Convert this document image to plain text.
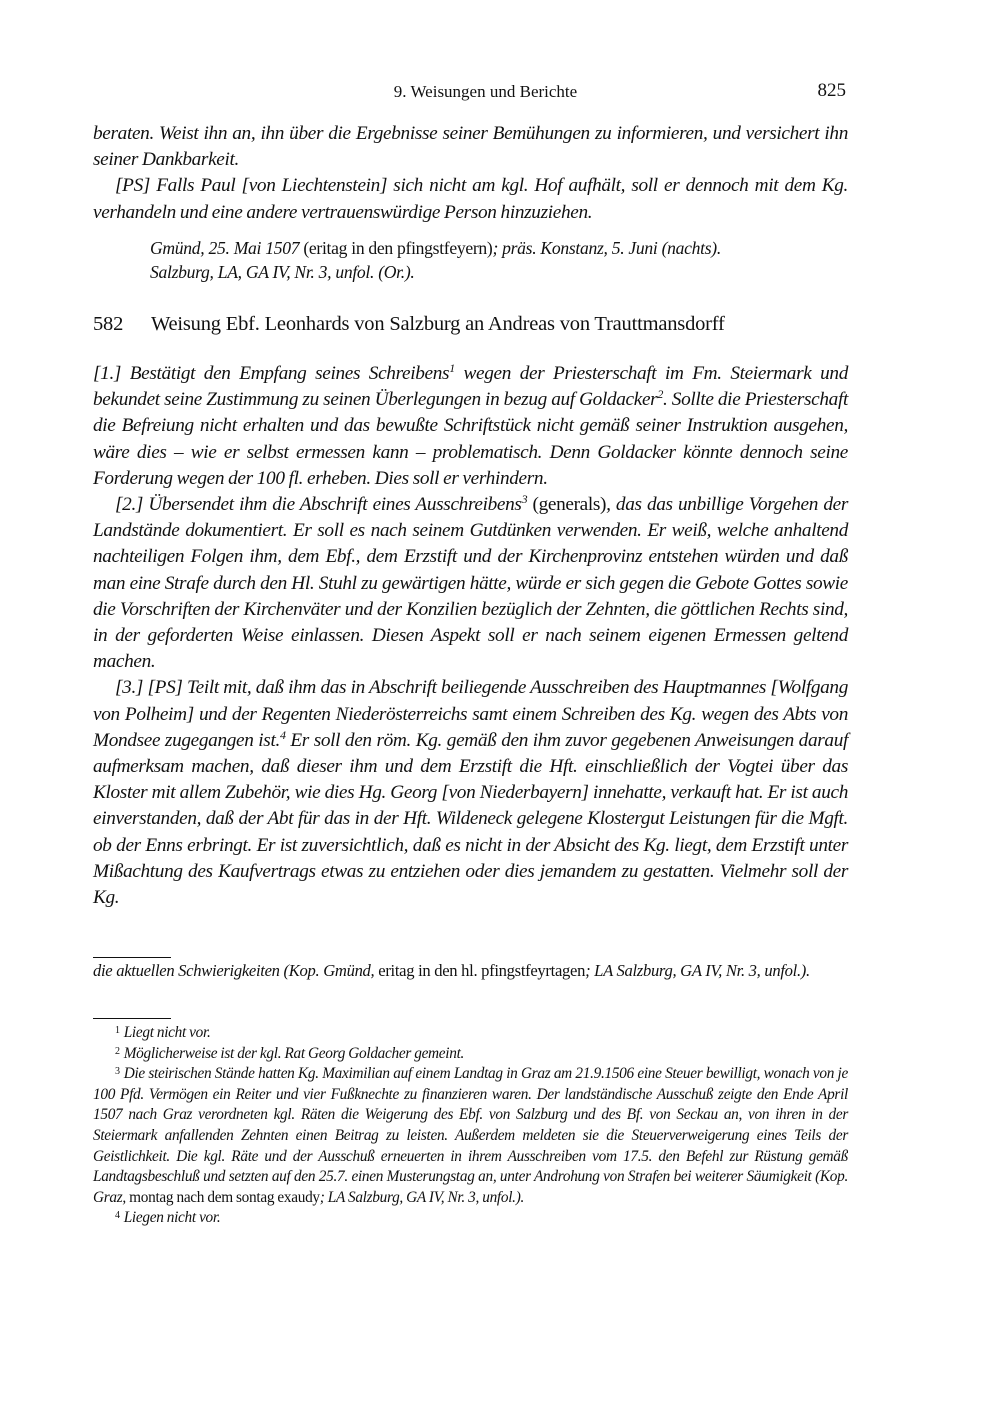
9. Weisungen und Berichte	825

beraten. Weist ihn an, ihn über die Ergebnisse seiner Bemühungen zu informieren, und versichert ihn seiner Dankbarkeit.

[PS] Falls Paul [von Liechtenstein] sich nicht am kgl. Hof aufhält, soll er dennoch mit dem Kg. verhandeln und eine andere vertrauenswürdige Person hinzuziehen.

Gmünd, 25. Mai 1507 (eritag in den pfingstfeyern); präs. Konstanz, 5. Juni (nachts).
Salzburg, LA, GA IV, Nr. 3, unfol. (Or.).
582 Weisung Ebf. Leonhards von Salzburg an Andreas von Trauttmansdorff

[1.] Bestätigt den Empfang seines Schreibens$^1$ wegen der Priesterschaft im Fm. Steiermark und bekundet seine Zustimmung zu seinen Überlegungen in bezug auf Goldacker$^2$. Sollte die Priesterschaft die Befreiung nicht erhalten und das bewußte Schriftstück nicht gemäß seiner Instruktion ausgehen, wäre dies – wie er selbst ermessen kann – problematisch. Denn Goldacker könnte dennoch seine Forderung wegen der 100 fl. erheben. Dies soll er verhindern.

[2.] Übersendet ihm die Abschrift eines Ausschreibens$^3$ (generals), das das unbillige Vorgehen der Landstände dokumentiert. Er soll es nach seinem Gutdünken verwenden. Er weiß, welche anhaltend nachteiligen Folgen ihm, dem Ebf., dem Erzstift und der Kirchenprovinz entstehen würden und daß man eine Strafe durch den Hl. Stuhl zu gewärtigen hätte, würde er sich gegen die Gebote Gottes sowie die Vorschriften der Kirchenväter und der Konzilien bezüglich der Zehnten, die göttlichen Rechts sind, in der geforderten Weise einlassen. Diesen Aspekt soll er nach seinem eigenen Ermessen geltend machen.

[3.] [PS] Teilt mit, daß ihm das in Abschrift beiliegende Ausschreiben des Hauptmannes [Wolfgang von Polheim] und der Regenten Niederösterreichs samt einem Schreiben des Kg. wegen des Abts von Mondsee zugegangen ist.$^4$ Er soll den röm. Kg. gemäß den ihm zuvor gegebenen Anweisungen darauf aufmerksam machen, daß dieser ihm und dem Erzstift die Hft. einschließlich der Vogtei über das Kloster mit allem Zubehör, wie dies Hg. Georg [von Niederbayern] innehatte, verkauft hat. Er ist auch einverstanden, daß der Abt für das in der Hft. Wildeneck gelegene Klostergut Leistungen für die Mgft. ob der Enns erbringt. Er ist zuversichtlich, daß es nicht in der Absicht des Kg. liegt, dem Erzstift unter Mißachtung des Kaufvertrags etwas zu entziehen oder dies jemandem zu gestatten. Vielmehr soll der Kg.

die aktuellen Schwierigkeiten (Kop. Gmünd, eritag in den hl. pfingstfeyrtagen; LA Salzburg, GA IV, Nr. 3, unfol.).

$^1$ Liegt nicht vor.

$^2$ Möglicherweise ist der kgl. Rat Georg Goldacher gemeint.

$^3$ Die steirischen Stände hatten Kg. Maximilian auf einem Landtag in Graz am 21.9.1506 eine Steuer bewilligt, wonach von je 100 Pfd. Vermögen ein Reiter und vier Fußknechte zu finanzieren waren. Der landständische Ausschuß zeigte den Ende April 1507 nach Graz verordneten kgl. Räten die Weigerung des Ebf. von Salzburg und des Bf. von Seckau an, von ihren in der Steiermark anfallenden Zehnten einen Beitrag zu leisten. Außerdem meldeten sie die Steuerverweigerung eines Teils der Geistlichkeit. Die kgl. Räte und der Ausschuß erneuerten in ihrem Ausschreiben vom 17.5. den Befehl zur Rüstung gemäß Landtagsbeschluß und setzten auf den 25.7. einen Musterungstag an, unter Androhung von Strafen bei weiterer Säumigkeit (Kop. Graz, montag nach dem sontag exaudy; LA Salzburg, GA IV, Nr. 3, unfol.).

$^4$ Liegen nicht vor.
